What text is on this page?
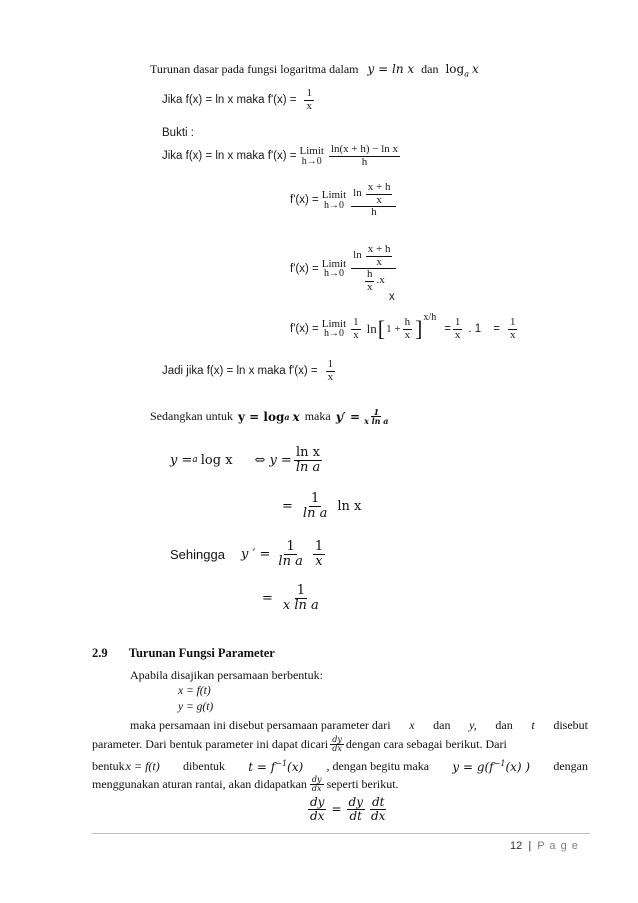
Turunan dasar pada fungsi logaritma dalam y = ln x dan $\log_a x$
Jika f(x) = ln x maka $f'(x) = \frac{1}{x}$
Bukti :
Jika f(x) = ln x maka f'(x) = Limit
$h\to 0 \frac{\text{ln(x + h) − ln x}}{h}$
f'(x) = Limit
$h\to 0 \frac{\ln \frac{x + h}{x}}{h}$
f'(x) = Limit
$h\to 0 \frac{\ln \frac{x + h}{x}}{\frac{h}{x} .x}$
x
f'(x) = Limit
$h\to 0 \frac{1}{x}$ ln [ $1 + \frac{h}{x}$ ] x/h
= $\frac{1}{x}$ . $1 = \frac{1}{x}$
Jadi jika f(x) = ln x maka $f'(x) = \frac{1}{x}$
Sedangkan untuk y = log a x maka $y' = \frac{1}{\text{x ln a}}$
y = a log x ⇔ $y = \frac{\text{ln x}}{\text{ln a}}$
= $\frac{1}{\text{ln a}}$ ln x
Sehingga y ′ = $\frac{1}{\text{ln a}} \frac{1}{x}$
= $\frac{1}{\text{x ln a}}$
2.9 Turunan Fungsi Parameter
Apabila disajikan persamaan berbentuk:
x = f(t)
y = g(t)
maka persamaan ini disebut persamaan parameter dari x dan y, dan t disebut
parameter. Dari bentuk parameter ini dapat dicari $\frac{dy}{dx}$ dengan cara sebagai berikut. Dari
bentuk x = f(t) dibentuk $t = f^{-1}(x)$ , dengan begitu maka $y = g(f^{-1}(x)$ ) dengan
menggunakan aturan rantai, akan didapatkan $\frac{dy}{dx}$ seperti berikut.
$\frac{dy}{dx} = \frac{dy}{dt} \frac{dt}{dx}$
12 | P a g e
